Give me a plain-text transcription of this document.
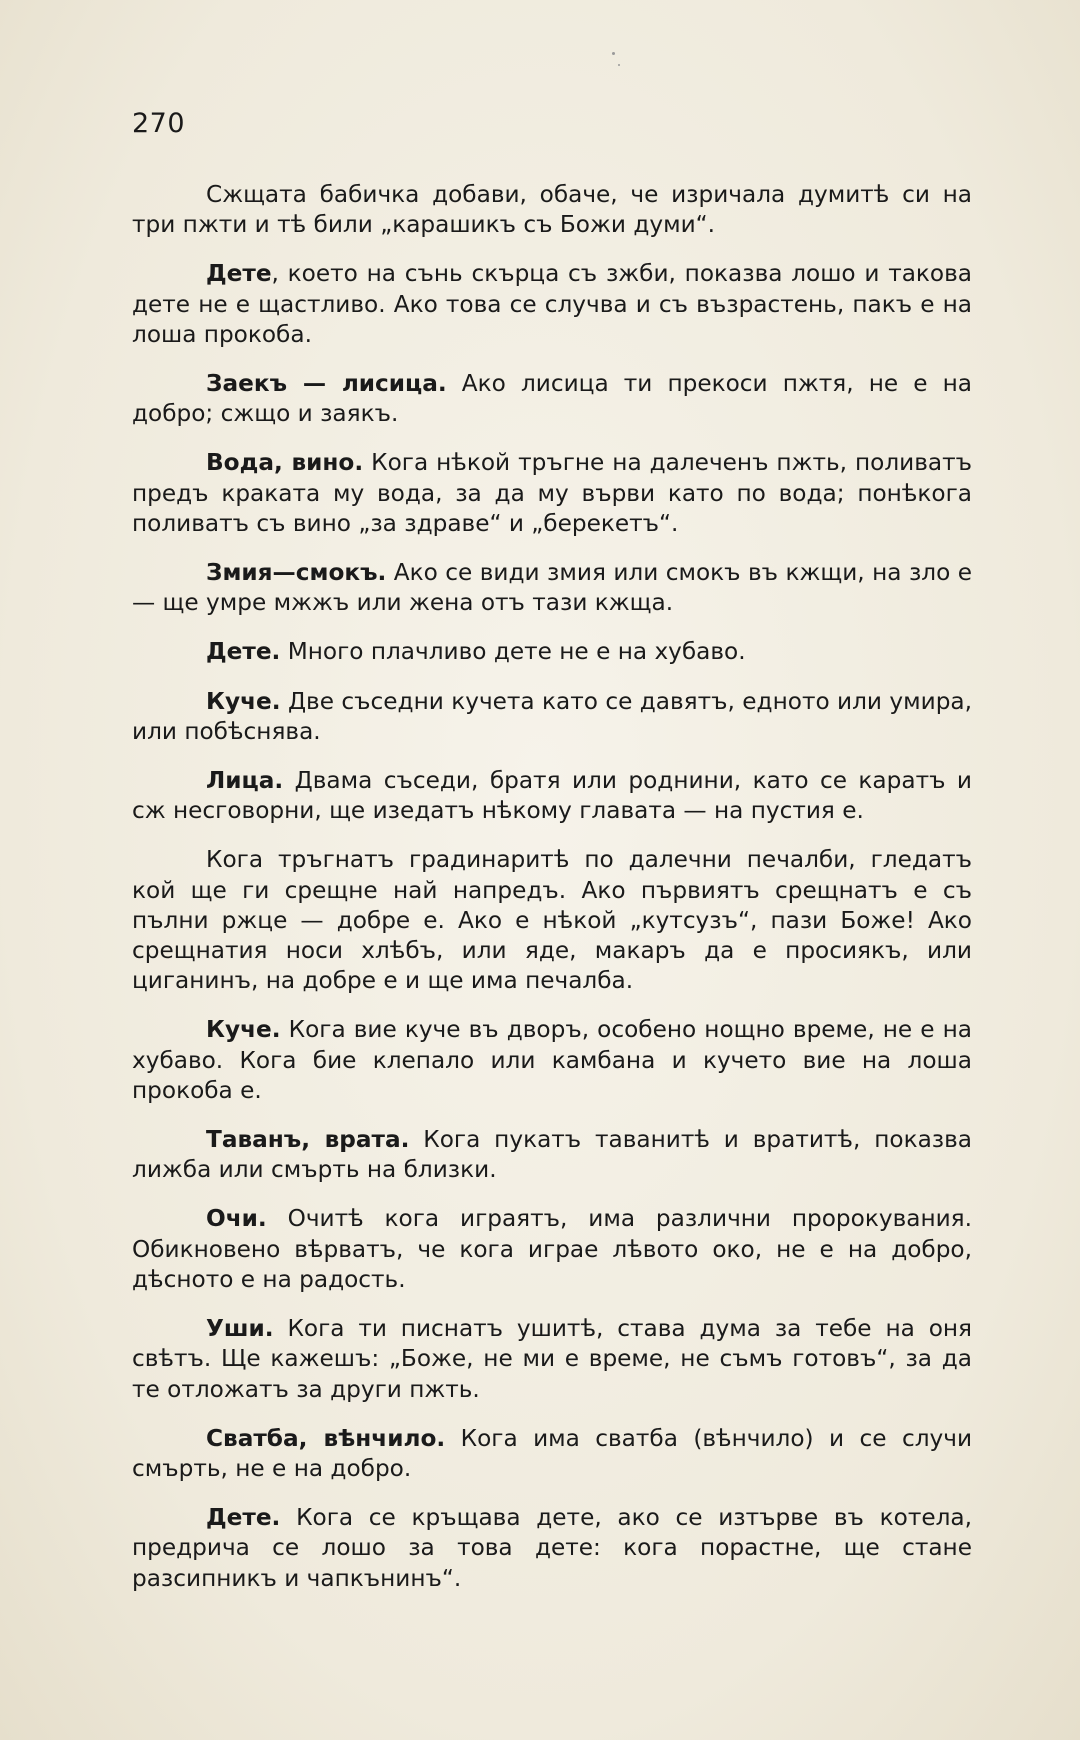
270

Сжщата бабичка добави, обаче, че изричала думитѣ си на три пжти и тѣ били „карашикъ съ Божи думи“.

Дете, което на сънь скърца съ зжби, показва лошо и такова дете не е щастливо. Ако това се случва и съ възрастень, пакъ е на лоша прокоба.

Заекъ — лисица. Ако лисица ти прекоси пжтя, не е на добро; сжщо и заякъ.

Вода, вино. Кога нѣкой тръгне на далеченъ пжть, поливатъ предъ краката му вода, за да му върви като по вода; понѣкога поливатъ съ вино „за здраве“ и „берекетъ“.

Змия—смокъ. Ако се види змия или смокъ въ кжщи, на зло е — ще умре мжжъ или жена отъ тази кжща.

Дете. Много плачливо дете не е на хубаво.

Куче. Две съседни кучета като се давятъ, едното или умира, или побѣснява.

Лица. Двама съседи, братя или роднини, като се каратъ и сж несговорни, ще изедатъ нѣкому главата — на пустия е.

Кога тръгнатъ градинаритѣ по далечни печалби, гледатъ кой ще ги срещне най напредъ. Ако първиятъ срещнатъ е съ пълни ржце — добре е. Ако е нѣкой „кутсузъ“, пази Боже! Ако срещнатия носи хлѣбъ, или яде, макаръ да е просиякъ, или циганинъ, на добре е и ще има печалба.

Куче. Кога вие куче въ дворъ, особено нощно време, не е на хубаво. Кога бие клепало или камбана и кучето вие на лоша прокоба е.

Таванъ, врата. Кога пукатъ таванитѣ и вратитѣ, показва лижба или смърть на близки.

Очи. Очитѣ кога играятъ, има различни пророкувания. Обикновено вѣрватъ, че кога играе лѣвото око, не е на добро, дѣсното е на радость.

Уши. Кога ти писнатъ ушитѣ, става дума за тебе на оня свѣтъ. Ще кажешъ: „Боже, не ми е време, не съмъ готовъ“, за да те отложатъ за други пжть.

Сватба, вѣнчило. Кога има сватба (вѣнчило) и се случи смърть, не е на добро.

Дете. Кога се кръщава дете, ако се изтърве въ котела, предрича се лошо за това дете: кога порастне, ще стане разсипникъ и чапкънинъ“.
